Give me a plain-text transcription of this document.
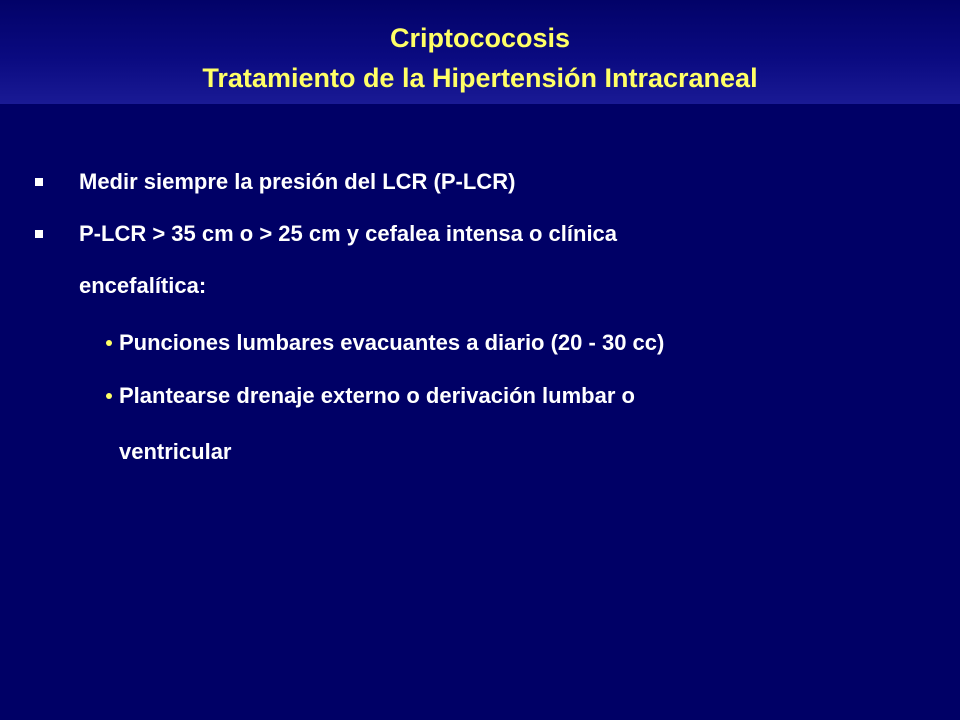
Criptococosis
Tratamiento de la Hipertensión Intracraneal
Medir siempre la presión del LCR (P-LCR)
P-LCR > 35 cm o > 25 cm y cefalea intensa o clínica
encefalítica:
Punciones lumbares evacuantes a diario (20 - 30 cc)
Plantearse drenaje externo o derivación lumbar o
ventricular
